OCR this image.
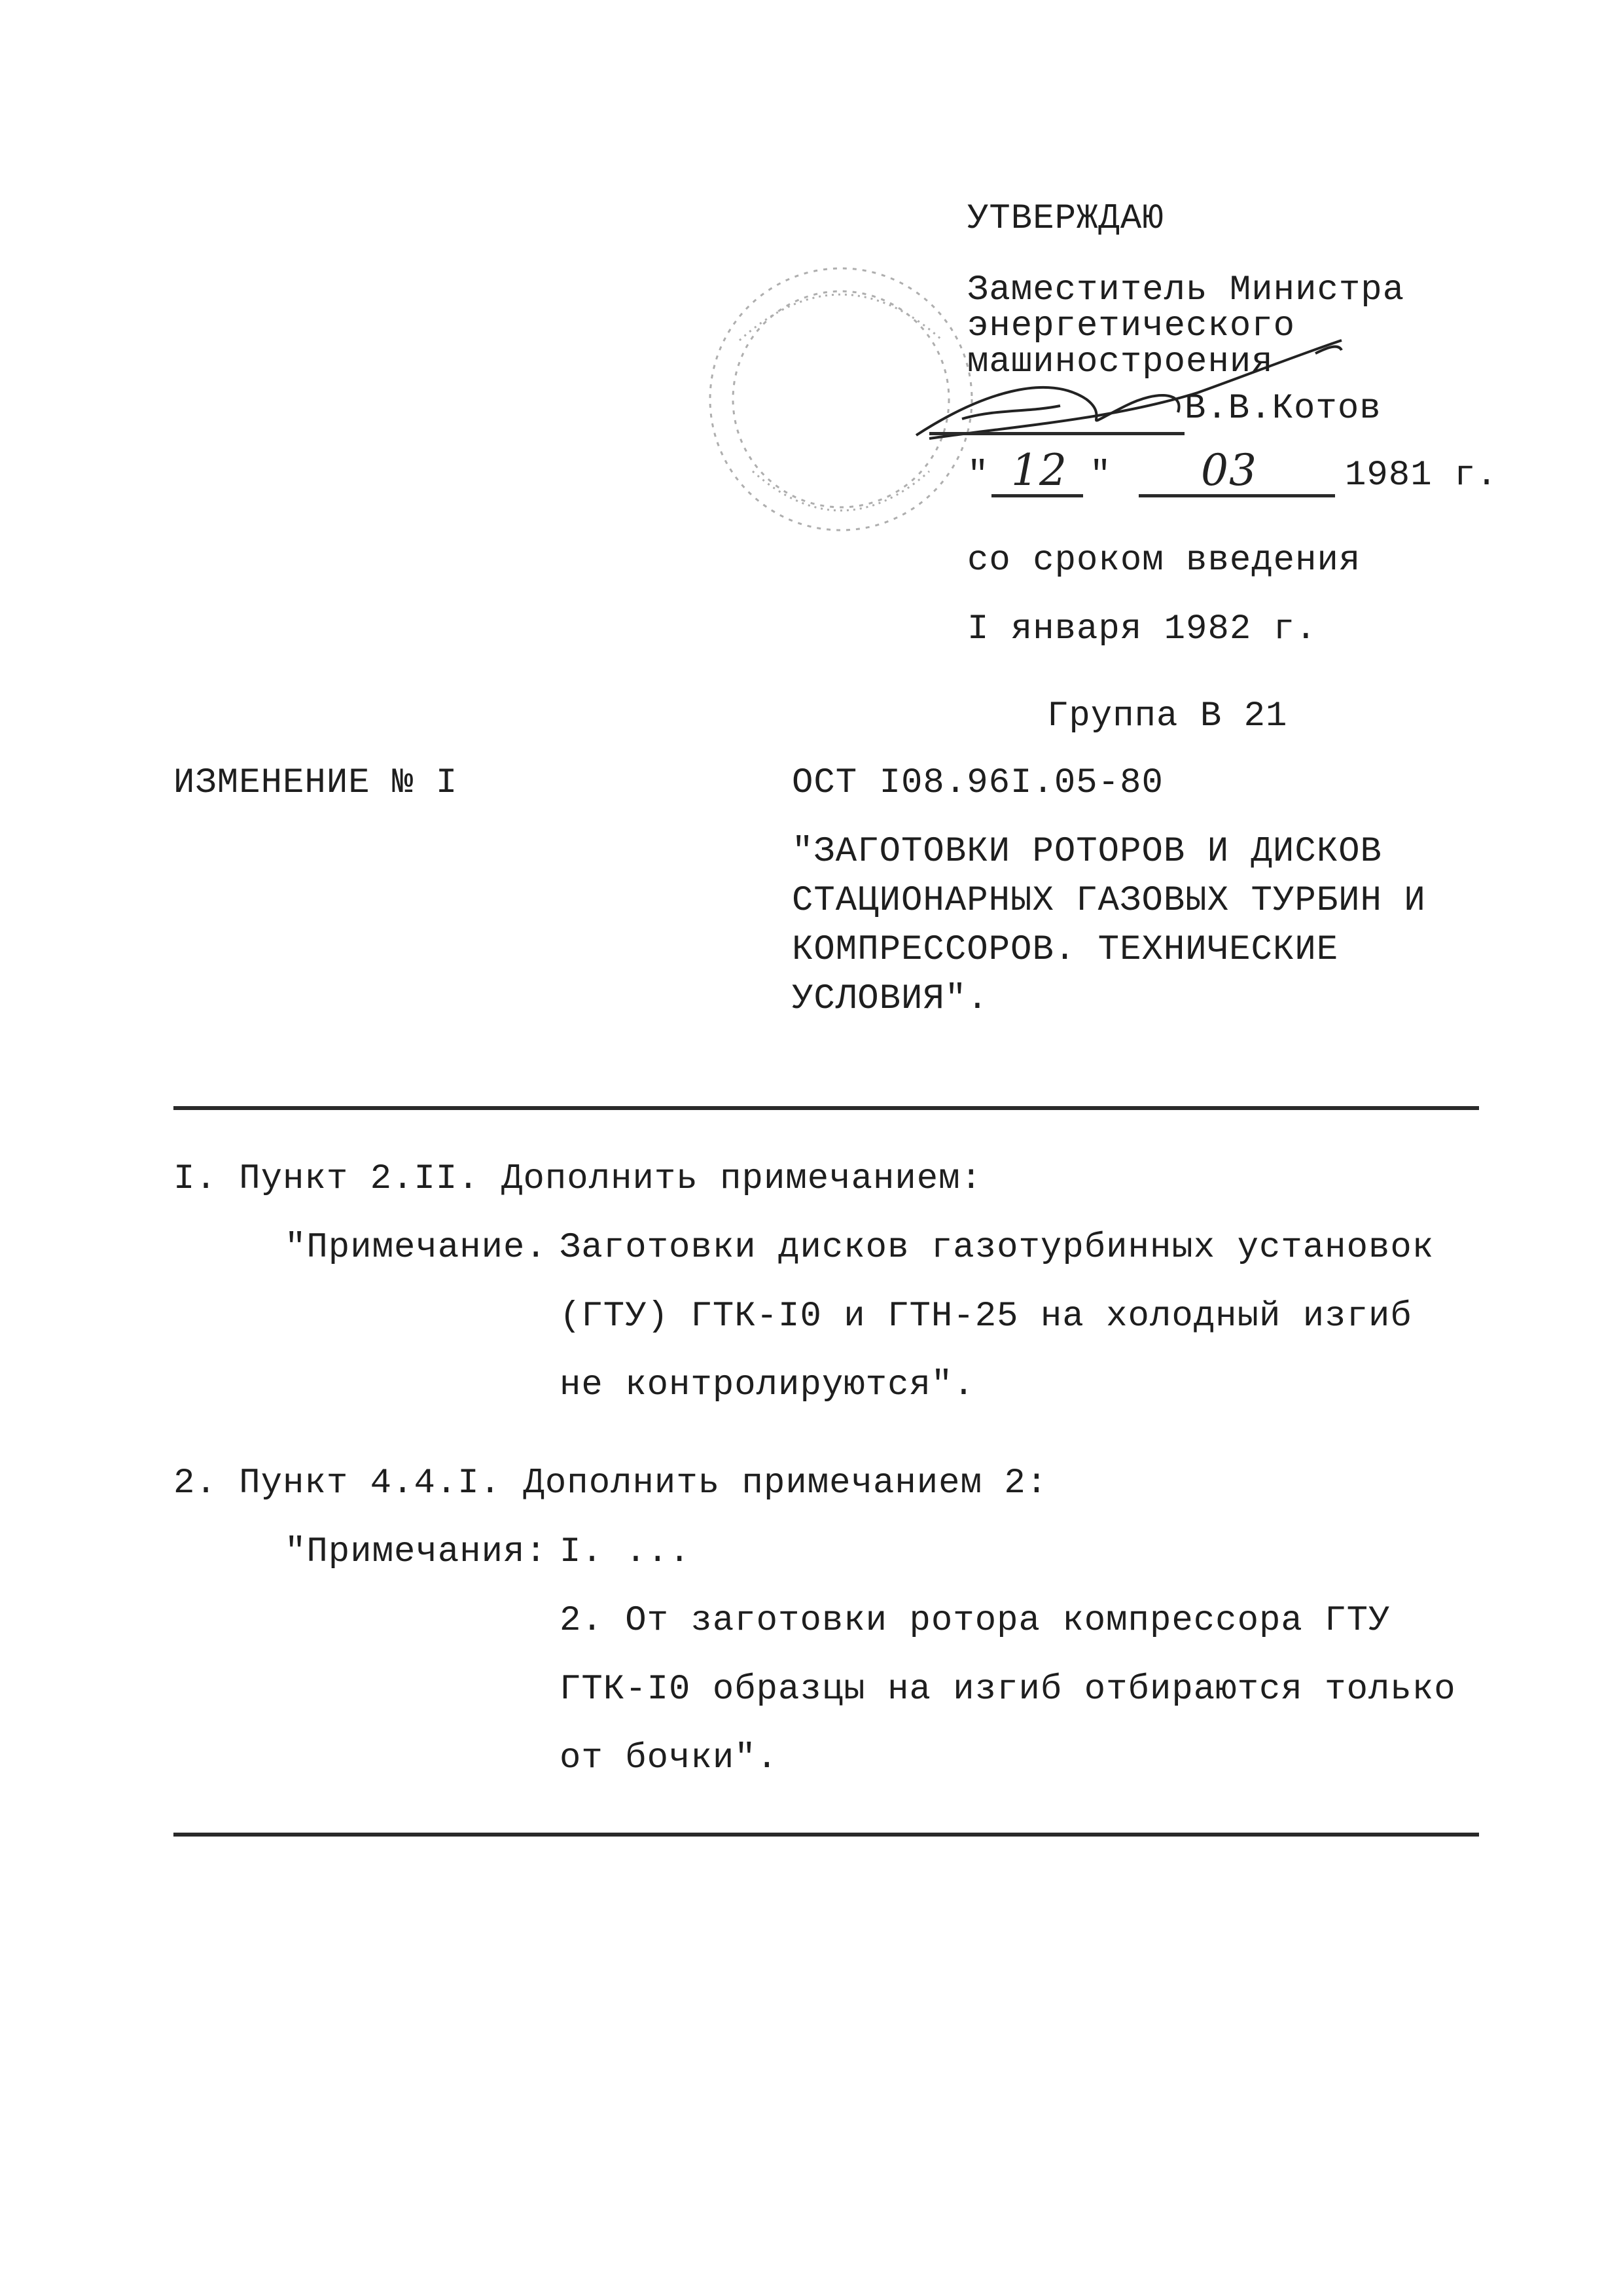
УТВЕРЖДАЮ
Заместитель Министра
энергетического
машиностроения
В.В.Котов
" 12 " 03 1981 г.
со сроком введения
I января 1982 г.
Группа В 21
ИЗМЕНЕНИЕ № I	ОСТ I08.96I.05-80
"ЗАГОТОВКИ РОТОРОВ И ДИСКОВ
СТАЦИОНАРНЫХ ГАЗОВЫХ ТУРБИН И
КОМПРЕССОРОВ. ТЕХНИЧЕСКИЕ
УСЛОВИЯ".
I. Пункт 2.II. Дополнить примечанием:
"Примечание. Заготовки дисков газотурбинных установок
(ГТУ) ГТК-I0 и ГТН-25 на холодный изгиб
не контролируются".
2. Пункт 4.4.I. Дополнить примечанием 2:
"Примечания: I. ...
2. От заготовки ротора компрессора ГТУ
ГТК-I0 образцы на изгиб отбираются только
от бочки".
